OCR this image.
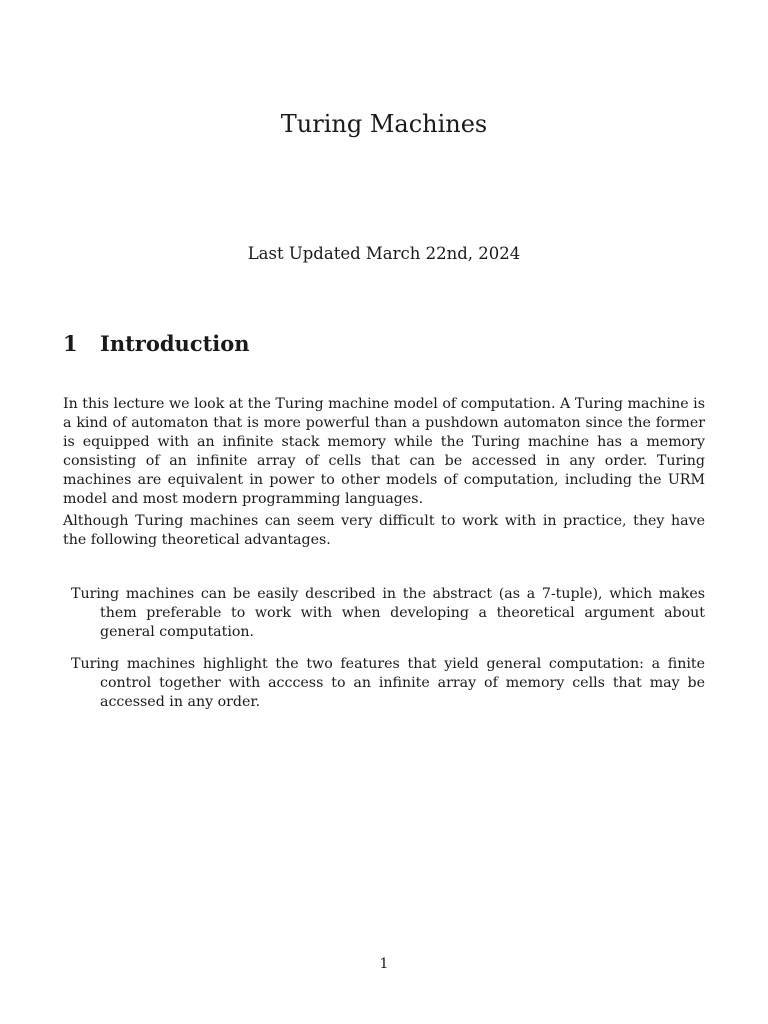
Turing Machines

Last Updated March 22nd, 2024

1 Introduction

In this lecture we look at the Turing machine model of computation. A Turing machine is a kind of automaton that is more powerful than a pushdown automaton since the former is equipped with an infinite stack memory while the Turing machine has a memory consisting of an infinite array of cells that can be accessed in any order. Turing machines are equivalent in power to other models of computation, including the URM model and most modern programming languages.

Although Turing machines can seem very difficult to work with in practice, they have the following theoretical advantages.

Turing machines can be easily described in the abstract (as a 7-tuple), which makes them preferable to work with when developing a theoretical argument about general computation.
Turing machines highlight the two features that yield general computation: a finite control together with acccess to an infinite array of memory cells that may be accessed in any order.

1
